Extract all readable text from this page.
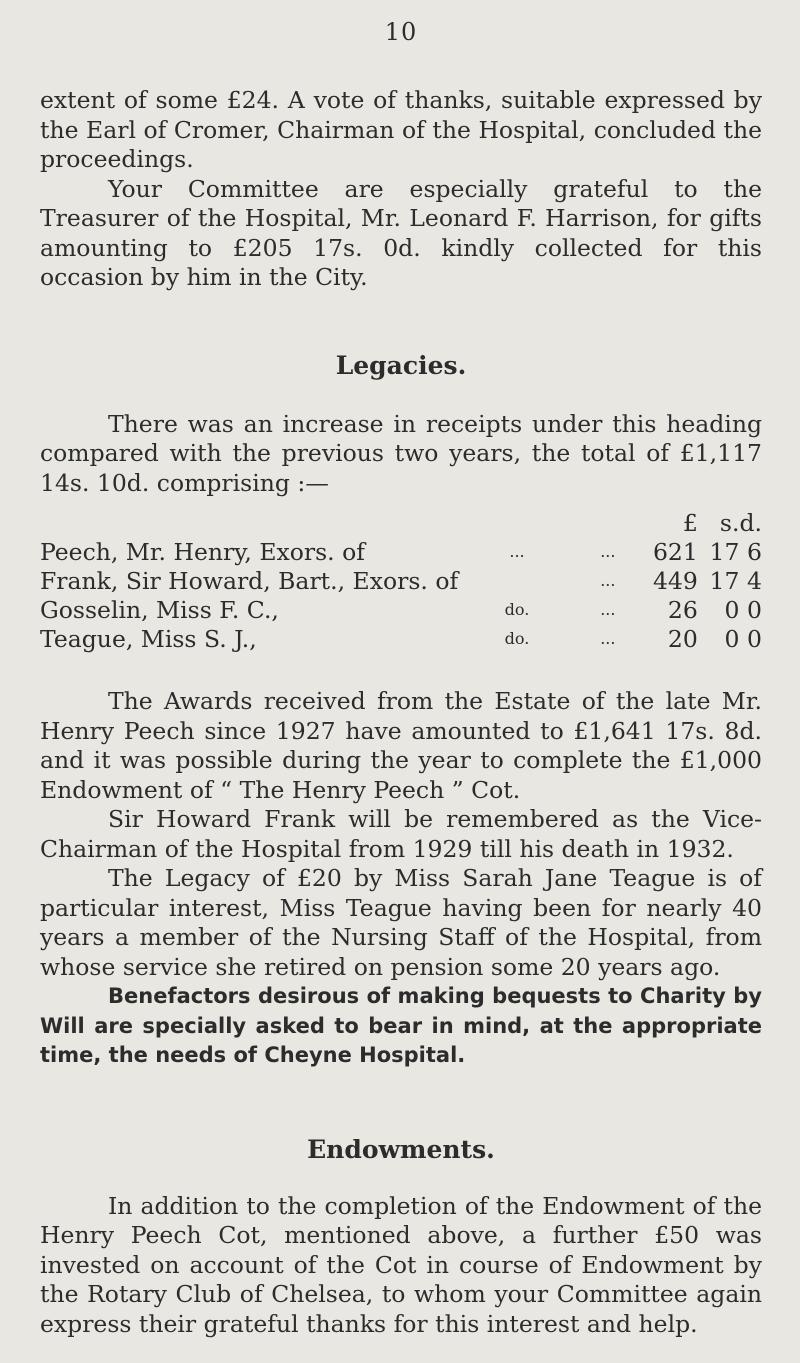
10

extent of some £24. A vote of thanks, suitable expressed by the Earl of Cromer, Chairman of the Hospital, concluded the proceedings.

Your Committee are especially grateful to the Treasurer of the Hospital, Mr. Leonard F. Harrison, for gifts amounting to £205 17s. 0d. kindly collected for this occasion by him in the City.

Legacies.

There was an increase in receipts under this heading compared with the previous two years, the total of £1,117 14s. 10d. comprising :—

			£	s.	d.
Peech, Mr. Henry, Exors. of	...	...	621	17	6
Frank, Sir Howard, Bart., Exors. of		...	449	17	4
Gosselin, Miss F. C.,	do.	...	26	0	0
Teague, Miss S. J.,	do.	...	20	0	0

The Awards received from the Estate of the late Mr. Henry Peech since 1927 have amounted to £1,641 17s. 8d. and it was possible during the year to complete the £1,000 Endowment of “ The Henry Peech ” Cot.

Sir Howard Frank will be remembered as the Vice-Chairman of the Hospital from 1929 till his death in 1932.

The Legacy of £20 by Miss Sarah Jane Teague is of particular interest, Miss Teague having been for nearly 40 years a member of the Nursing Staff of the Hospital, from whose service she retired on pension some 20 years ago.

Benefactors desirous of making bequests to Charity by Will are specially asked to bear in mind, at the appropriate time, the needs of Cheyne Hospital.

Endowments.

In addition to the completion of the Endowment of the Henry Peech Cot, mentioned above, a further £50 was invested on account of the Cot in course of Endowment by the Rotary Club of Chelsea, to whom your Committee again express their grateful thanks for this interest and help.
